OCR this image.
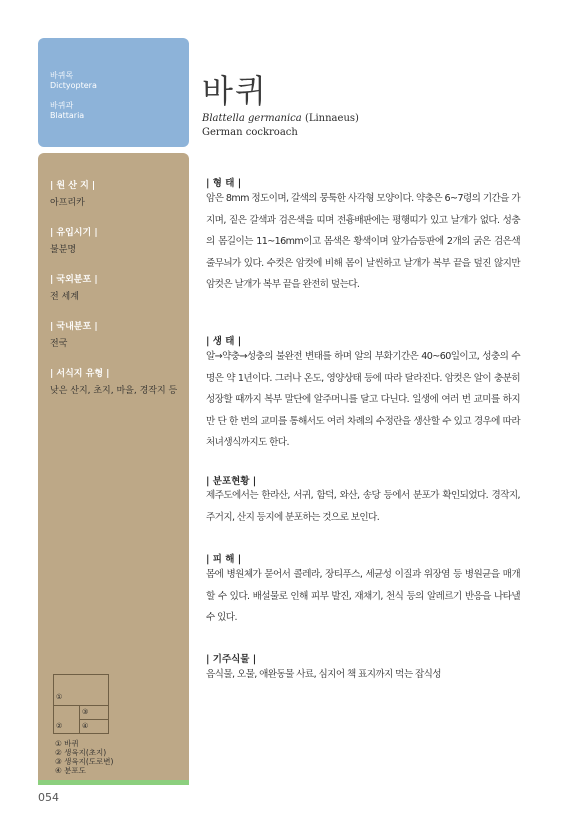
바퀴목
Dictyoptera
바퀴과
Blattaria
바퀴
Blattella germanica (Linnaeus)
German cockroach
| 원 산 지 |
아프리카
| 유입시기 |
불분명
| 국외분포 |
전 세계
| 국내분포 |
전국
| 서식지 유형 |
낮은 산지, 초지, 마을, 경작지 등
①
②
③
④
① 바퀴
② 생육지(초지)
③ 생육지(도로변)
④ 분포도
054
| 형 태 |
암은 8mm 정도이며, 갈색의 뭉툭한 사각형 모양이다. 약충은 6~7령의 기간을 가지며, 짙은 갈색과 검은색을 띠며 전흉배판에는 평행띠가 있고 날개가 없다. 성충의 몸길이는 11~16mm이고 몸색은 황색이며 앞가슴등판에 2개의 굵은 검은색 줄무늬가 있다. 수컷은 암컷에 비해 몸이 날씬하고 날개가 복부 끝을 덮진 않지만 암컷은 날개가 복부 끝을 완전히 덮는다.
| 생 태 |
알→약충→성충의 불완전 변태를 하며 알의 부화기간은 40~60일이고, 성충의 수명은 약 1년이다. 그러나 온도, 영양상태 등에 따라 달라진다. 암컷은 알이 충분히 성장할 때까지 복부 말단에 알주머니를 달고 다닌다. 일생에 여러 번 교미를 하지만 단 한 번의 교미를 통해서도 여러 차례의 수정란을 생산할 수 있고 경우에 따라 처녀생식까지도 한다.
| 분포현황 |
제주도에서는 한라산, 서귀, 함덕, 와산, 송당 등에서 분포가 확인되었다. 경작지, 주거지, 산지 등지에 분포하는 것으로 보인다.
| 피 해 |
몸에 병원체가 묻어서 콜레라, 장티푸스, 세균성 이질과 위장염 등 병원균을 매개할 수 있다. 배설물로 인해 피부 발진, 재채기, 천식 등의 알레르기 반응을 나타낼 수 있다.
| 기주식물 |
음식물, 오물, 애완동물 사료, 심지어 책 표지까지 먹는 잡식성
